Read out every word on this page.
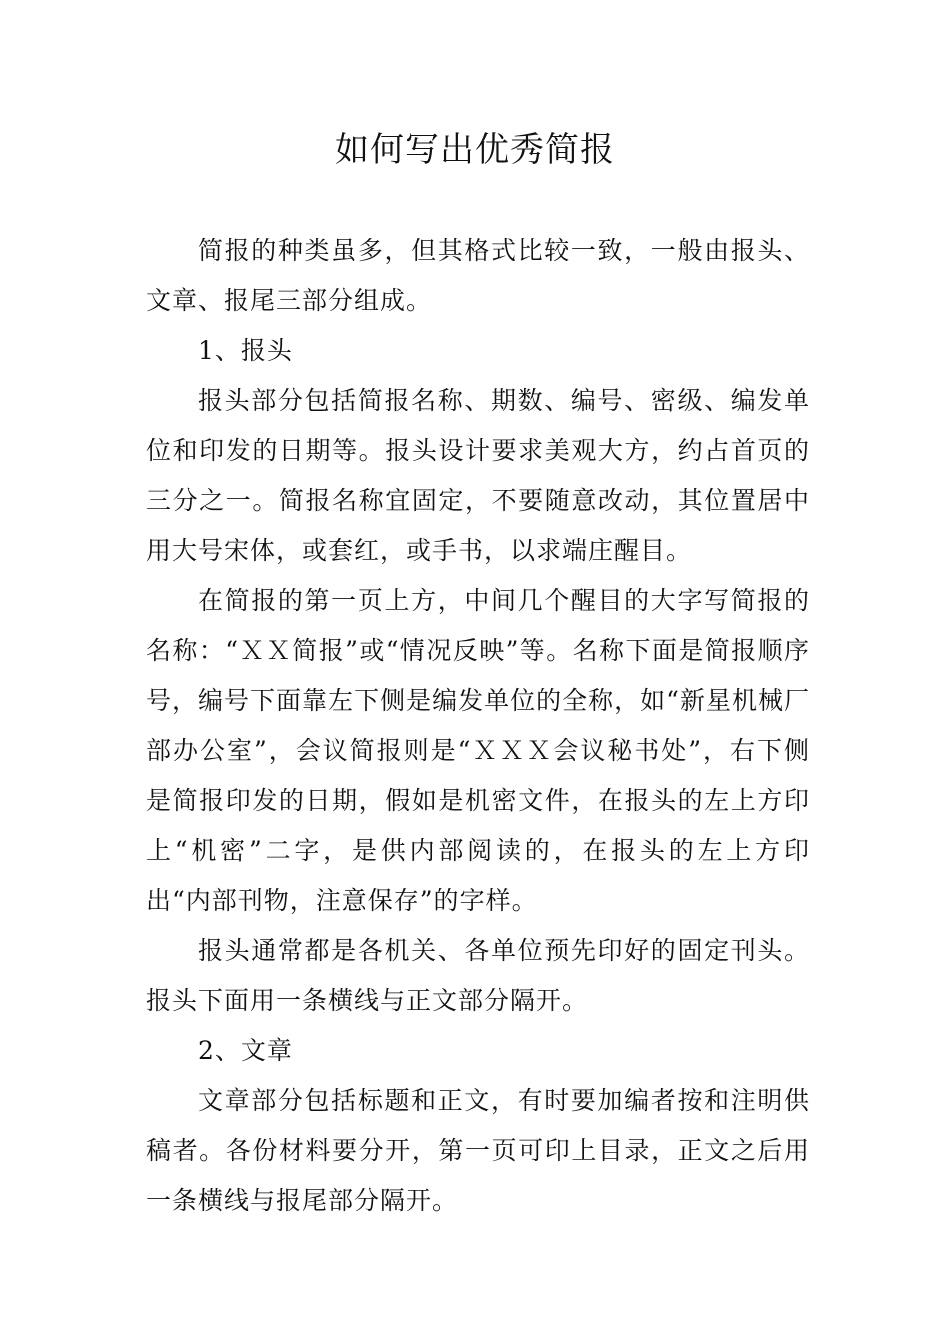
如何写出优秀简报

简报的种类虽多，但其格式比较一致，一般由报头、文章、报尾三部分组成。

1、报头

报头部分包括简报名称、期数、编号、密级、编发单位和印发的日期等。报头设计要求美观大方，约占首页的三分之一。简报名称宜固定，不要随意改动，其位置居中用大号宋体，或套红，或手书，以求端庄醒目。

在简报的第一页上方，中间几个醒目的大字写简报的名称：“ＸＸ简报”或“情况反映”等。名称下面是简报顺序号，编号下面靠左下侧是编发单位的全称，如“新星机械厂部办公室”，会议简报则是“ＸＸＸ会议秘书处”，右下侧是简报印发的日期，假如是机密文件，在报头的左上方印上“机密”二字，是供内部阅读的，在报头的左上方印出“内部刊物，注意保存”的字样。

报头通常都是各机关、各单位预先印好的固定刊头。报头下面用一条横线与正文部分隔开。

2、文章

文章部分包括标题和正文，有时要加编者按和注明供稿者。各份材料要分开，第一页可印上目录，正文之后用一条横线与报尾部分隔开。
